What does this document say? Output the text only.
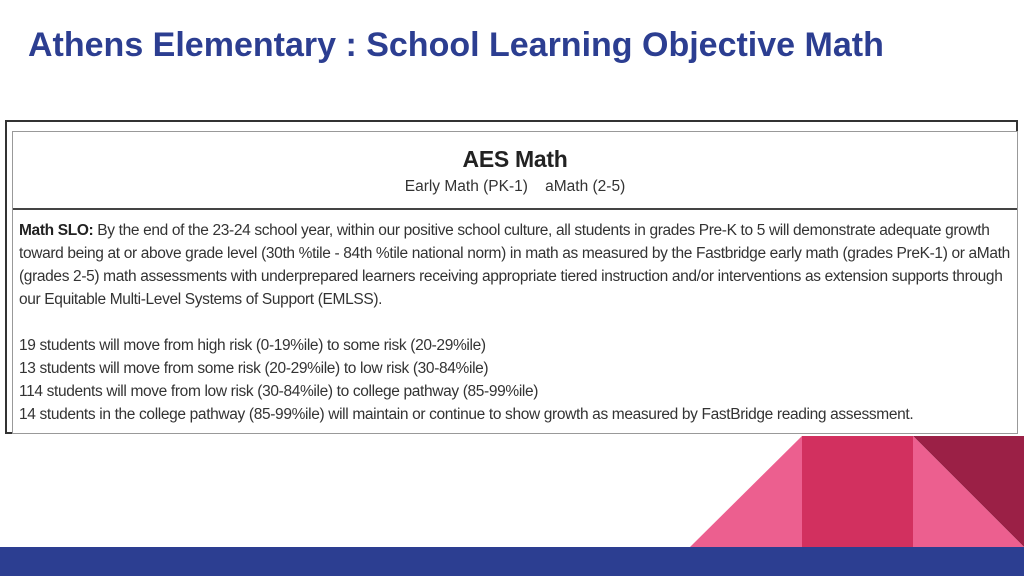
Athens Elementary : School Learning Objective Math
AES Math
Early Math (PK-1)    aMath (2-5)

Math SLO: By the end of the 23-24 school year, within our positive school culture, all students in grades Pre-K to 5 will demonstrate adequate growth toward being at or above grade level (30th %tile - 84th %tile national norm) in math as measured by the Fastbridge early math (grades PreK-1) or aMath (grades 2-5) math assessments with underprepared learners receiving appropriate tiered instruction and/or interventions as extension supports through our Equitable Multi-Level Systems of Support (EMLSS).

19 students will move from high risk (0-19%ile) to some risk (20-29%ile)
13 students will move from some risk (20-29%ile) to low risk (30-84%ile)
114 students will move from low risk (30-84%ile) to college pathway (85-99%ile)
14 students in the college pathway (85-99%ile) will maintain or continue to show growth as measured by FastBridge reading assessment.
